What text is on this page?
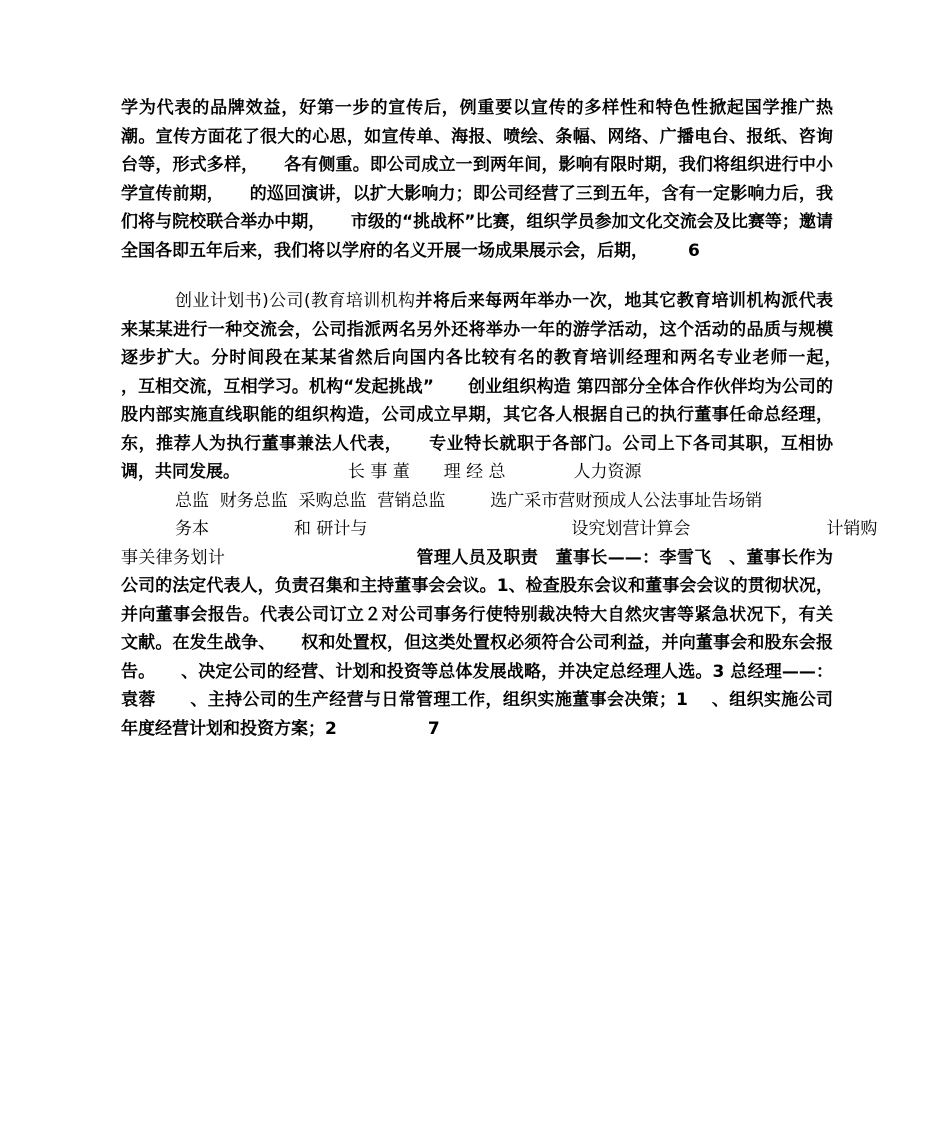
学为代表的品牌效益，好第一步的宣传后，例重要以宣传的多样性和特色性掀起国学推广热潮。宣传方面花了很大的心思，如宣传单、海报、喷绘、条幅、网络、广播电台、报纸、咨询台等，形式多样，　　各有侧重。即公司成立一到两年间，影响有限时期，我们将组织进行中小学宣传前期，　　的巡回演讲，以扩大影响力；即公司经营了三到五年，含有一定影响力后，我们将与院校联合举办中期，　　市级的“挑战杯”比赛，组织学员参加文化交流会及比赛等；邀请全国各即五年后来，我们将以学府的名义开展一场成果展示会，后期， 6

创业计划书)公司(教育培训机构并将后来每两年举办一次，地其它教育培训机构派代表来某某进行一种交流会，公司指派两名另外还将举办一年的游学活动，这个活动的品质与规模逐步扩大。分时间段在某某省然后向国内各比较有名的教育培训经理和两名专业老师一起，　　，互相交流，互相学习。机构“发起挑战”　　创业组织构造 第四部分全体合作伙伴均为公司的股内部实施直线职能的组织构造，公司成立早期，其它各人根据自己的执行董事任命总经理，东，推荐人为执行董事兼法人代表，　　专业特长就职于各部门。公司上下各司其职，互相协调，共同发展。 　　　　　　长 事 董　　理 经 总　　　　人力资源
总监  财务总监  采购总监  营销总监　　  选广采市营财预成人公法事址告场销
务本　　　　　和 研计与　　　　　　　　　　　　设究划营计算会　　　　　　　　计销购
事关律务划计　　　　　　　　　　　管理人员及职责　董事长——：李雪飞　、董事长作为公司的法定代表人，负责召集和主持董事会会议。1、检查股东会议和董事会会议的贯彻状况，并向董事会报告。代表公司订立２对公司事务行使特别裁决特大自然灾害等紧急状况下，有关文献。在发生战争、　　权和处置权，但这类处置权必须符合公司利益，并向董事会和股东会报告。　　、决定公司的经营、计划和投资等总体发展战略，并决定总经理人选。3 总经理——：袁蓉　　、主持公司的生产经营与日常管理工作，组织实施董事会决策；1　 、组织实施公司年度经营计划和投资方案；2　	7
